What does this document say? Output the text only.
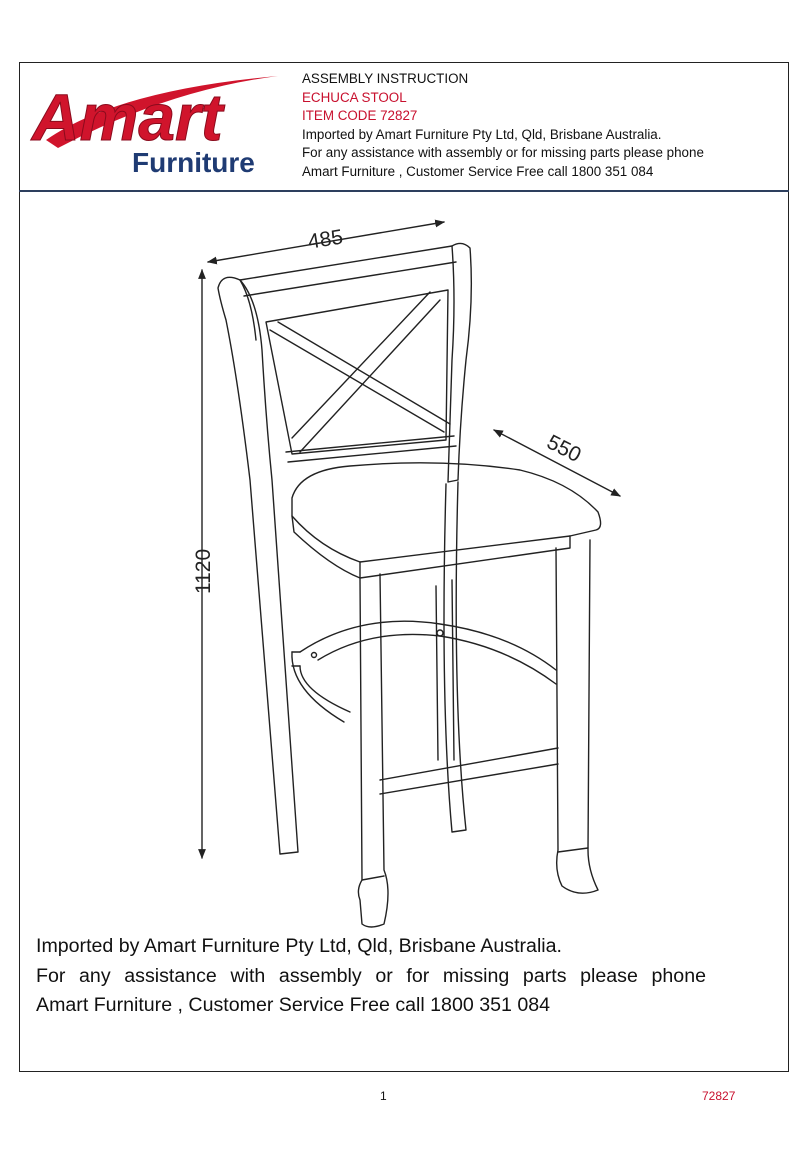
Amart
Furniture
ASSEMBLY INSTRUCTION
ECHUCA STOOL
ITEM CODE 72827
Imported by Amart Furniture Pty Ltd, Qld, Brisbane Australia.
For any assistance with assembly or for missing parts please phone
Amart Furniture , Customer Service Free call 1800 351 084
485
550
1120
Imported by Amart Furniture Pty Ltd, Qld, Brisbane Australia.
For any assistance with assembly or for missing parts please phone
Amart Furniture , Customer Service Free call 1800 351 084
1	72827
